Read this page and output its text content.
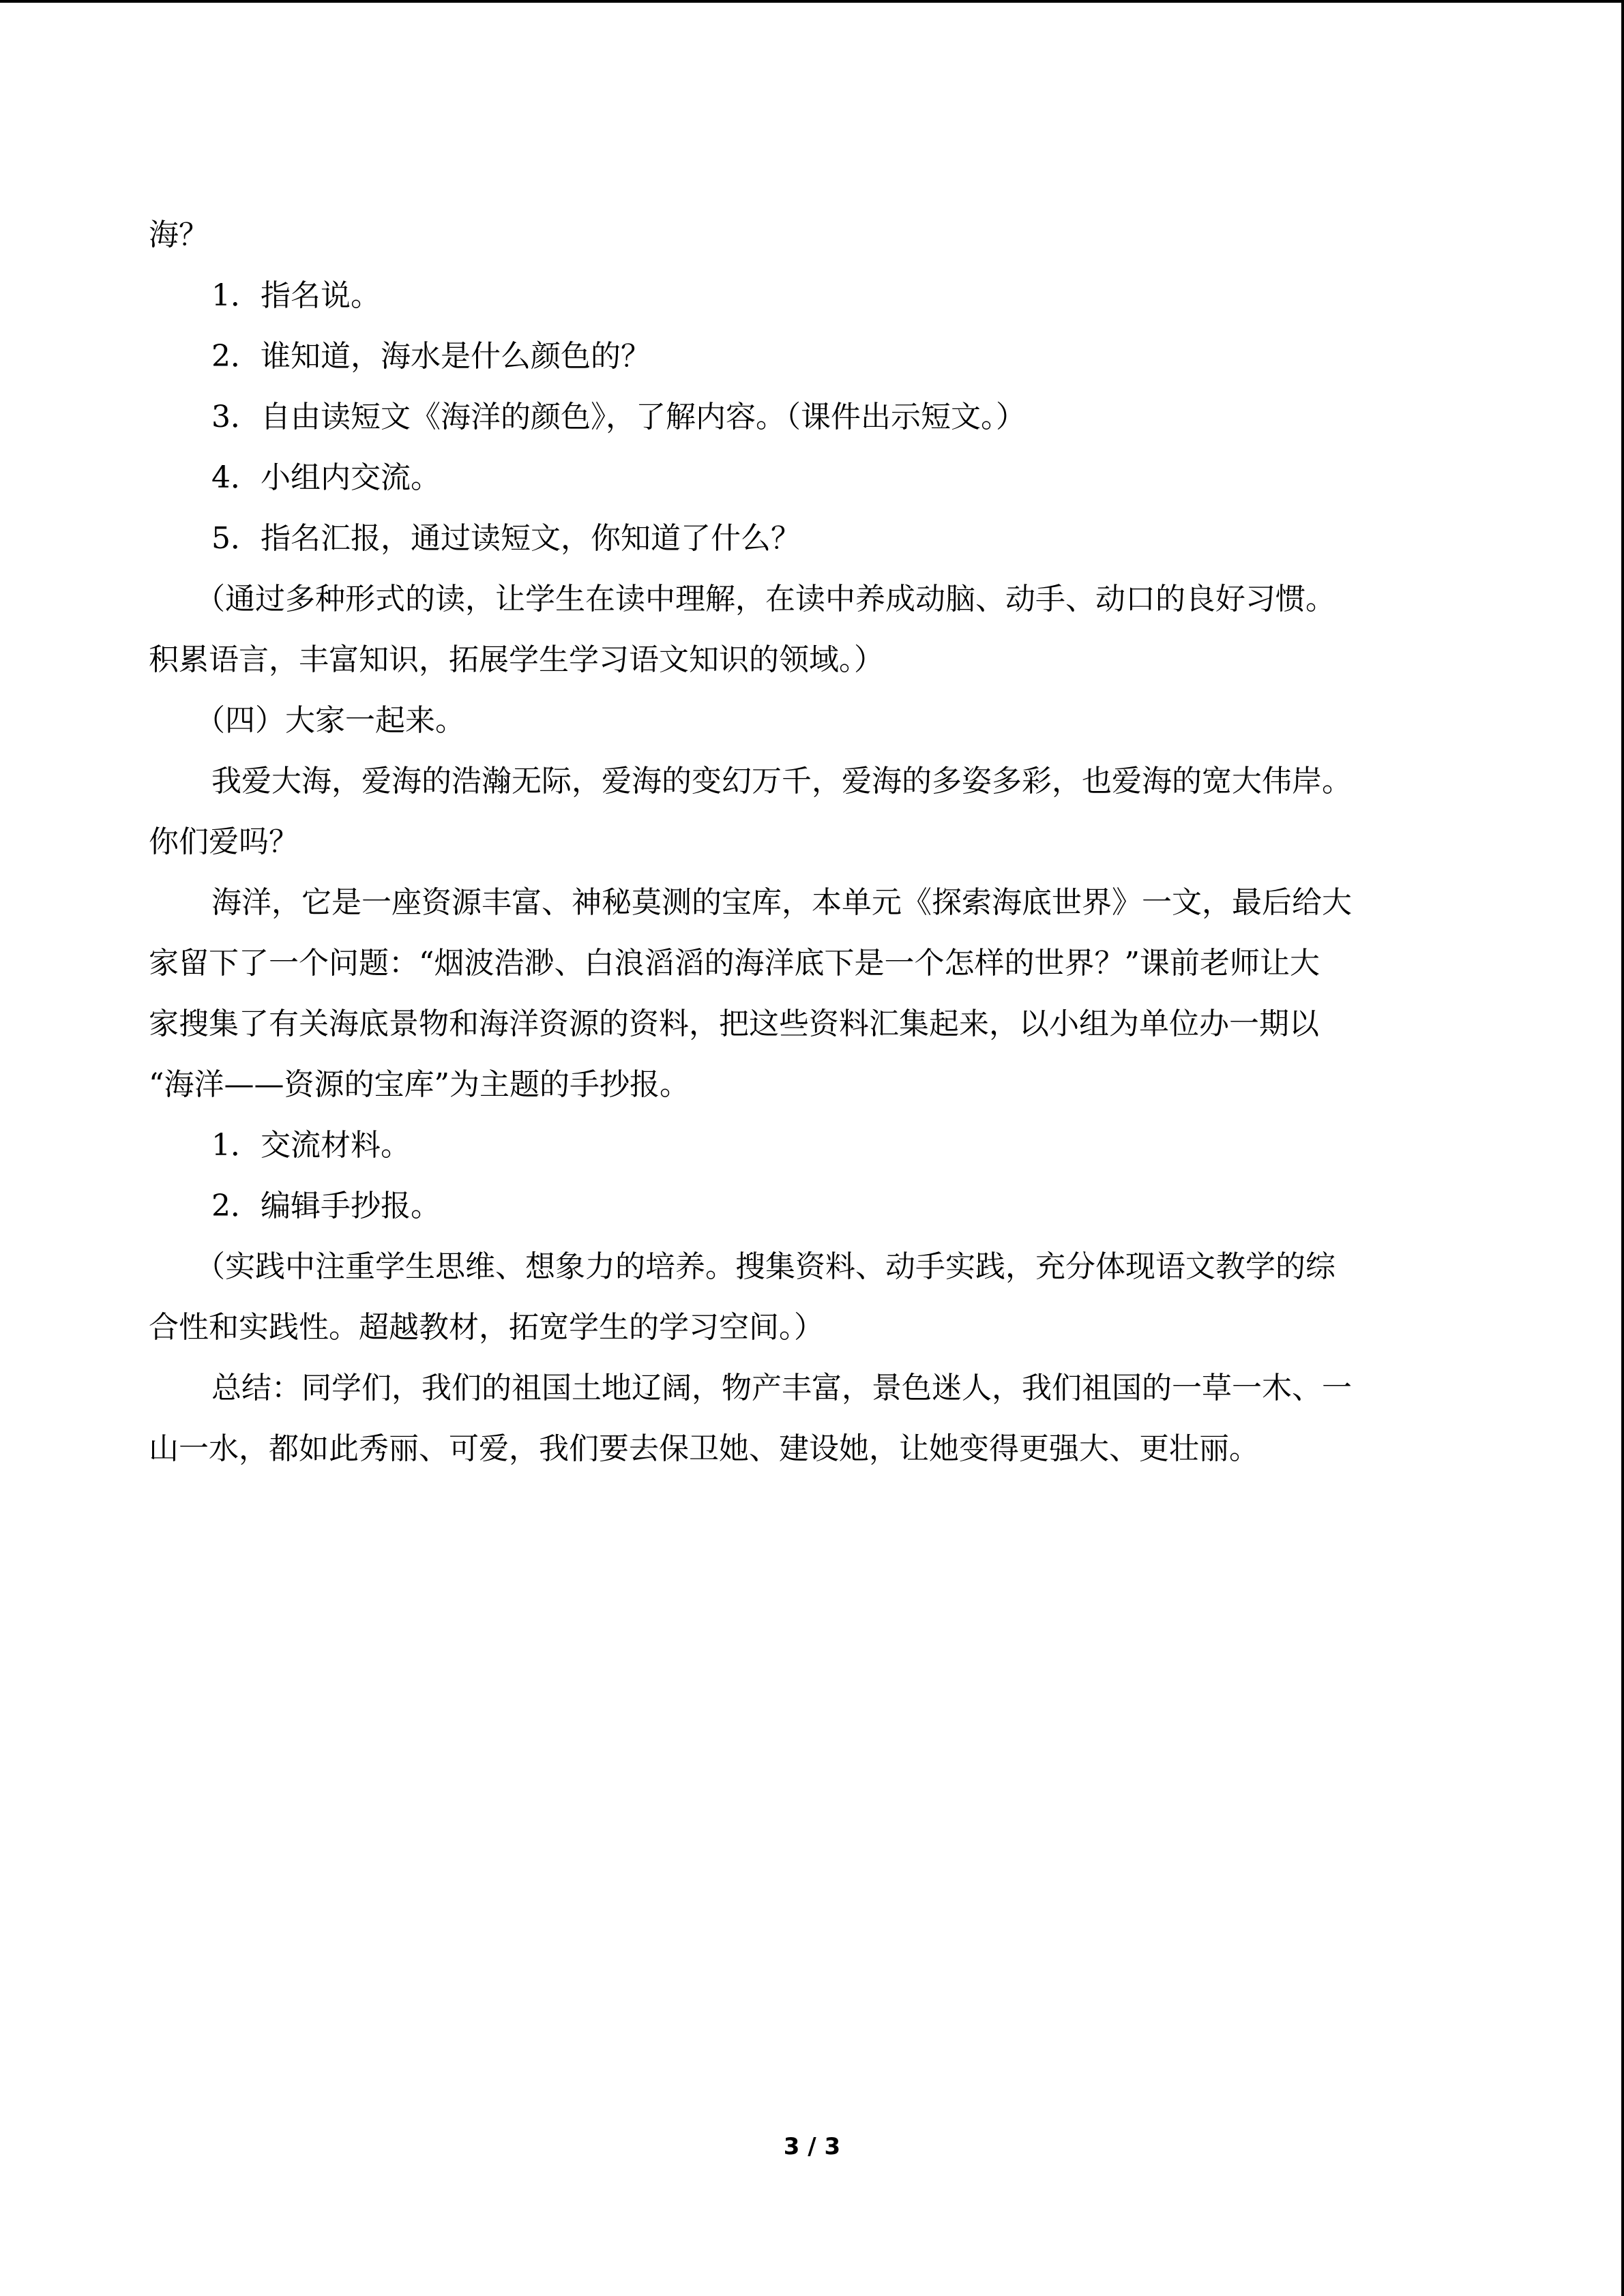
海？
1．指名说。
2．谁知道，海水是什么颜色的？
3．自由读短文《海洋的颜色》，了解内容。（课件出示短文。）
4．小组内交流。
5．指名汇报，通过读短文，你知道了什么？
（通过多种形式的读，让学生在读中理解，在读中养成动脑、动手、动口的良好习惯。
积累语言，丰富知识，拓展学生学习语文知识的领域。）
（四）大家一起来。
我爱大海，爱海的浩瀚无际，爱海的变幻万千，爱海的多姿多彩，也爱海的宽大伟岸。
你们爱吗？
海洋，它是一座资源丰富、神秘莫测的宝库，本单元《探索海底世界》一文，最后给大
家留下了一个问题：“烟波浩渺、白浪滔滔的海洋底下是一个怎样的世界？”课前老师让大
家搜集了有关海底景物和海洋资源的资料，把这些资料汇集起来，以小组为单位办一期以
“海洋——资源的宝库”为主题的手抄报。
1．交流材料。
2．编辑手抄报。
（实践中注重学生思维、想象力的培养。搜集资料、动手实践，充分体现语文教学的综
合性和实践性。超越教材，拓宽学生的学习空间。）
总结：同学们，我们的祖国土地辽阔，物产丰富，景色迷人，我们祖国的一草一木、一
山一水，都如此秀丽、可爱，我们要去保卫她、建设她，让她变得更强大、更壮丽。
3 / 3
